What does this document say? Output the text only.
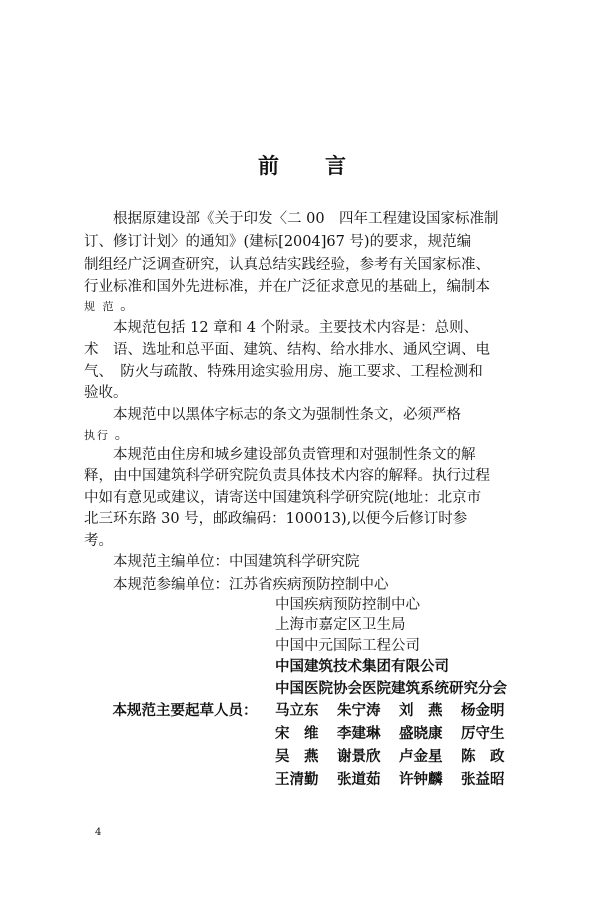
前 言
　　根据原建设部《关于印发〈二 00　四年工程建设国家标准制
订、修订计划〉的通知》(建标[2004]67 号)的要求，规范编
制组经广泛调查研究，认真总结实践经验，参考有关国家标准、
行业标准和国外先进标准，并在广泛征求意见的基础上，编制本
规 范 。
　　本规范包括 12 章和 4 个附录。主要技术内容是：总则、
术　语、选址和总平面、建筑、结构、给水排水、通风空调、电
气、　防火与疏散、特殊用途实验用房、施工要求、工程检测和
验收。
　　本规范中以黑体字标志的条文为强制性条文，必须严格
执行 。
　　本规范由住房和城乡建设部负责管理和对强制性条文的解
释，由中国建筑科学研究院负责具体技术内容的解释。执行过程
中如有意见或建议，请寄送中国建筑科学研究院(地址：北京市
北三环东路 30 号，邮政编码：100013),以便今后修订时参
考。
　　本规范主编单位：中国建筑科学研究院
　　本规范参编单位：江苏省疾病预防控制中心
中国疾病预防控制中心
上海市嘉定区卫生局
中国中元国际工程公司
中国建筑技术集团有限公司
中国医院协会医院建筑系统研究分会
　本规范主要起草人员： 马立东 朱宁涛 刘　燕 杨金明
宋　维 李建琳 盛晓康 厉守生
吴　燕 谢景欣 卢金星 陈　政
王清勤 张道茹 许钟麟 张益昭
4
